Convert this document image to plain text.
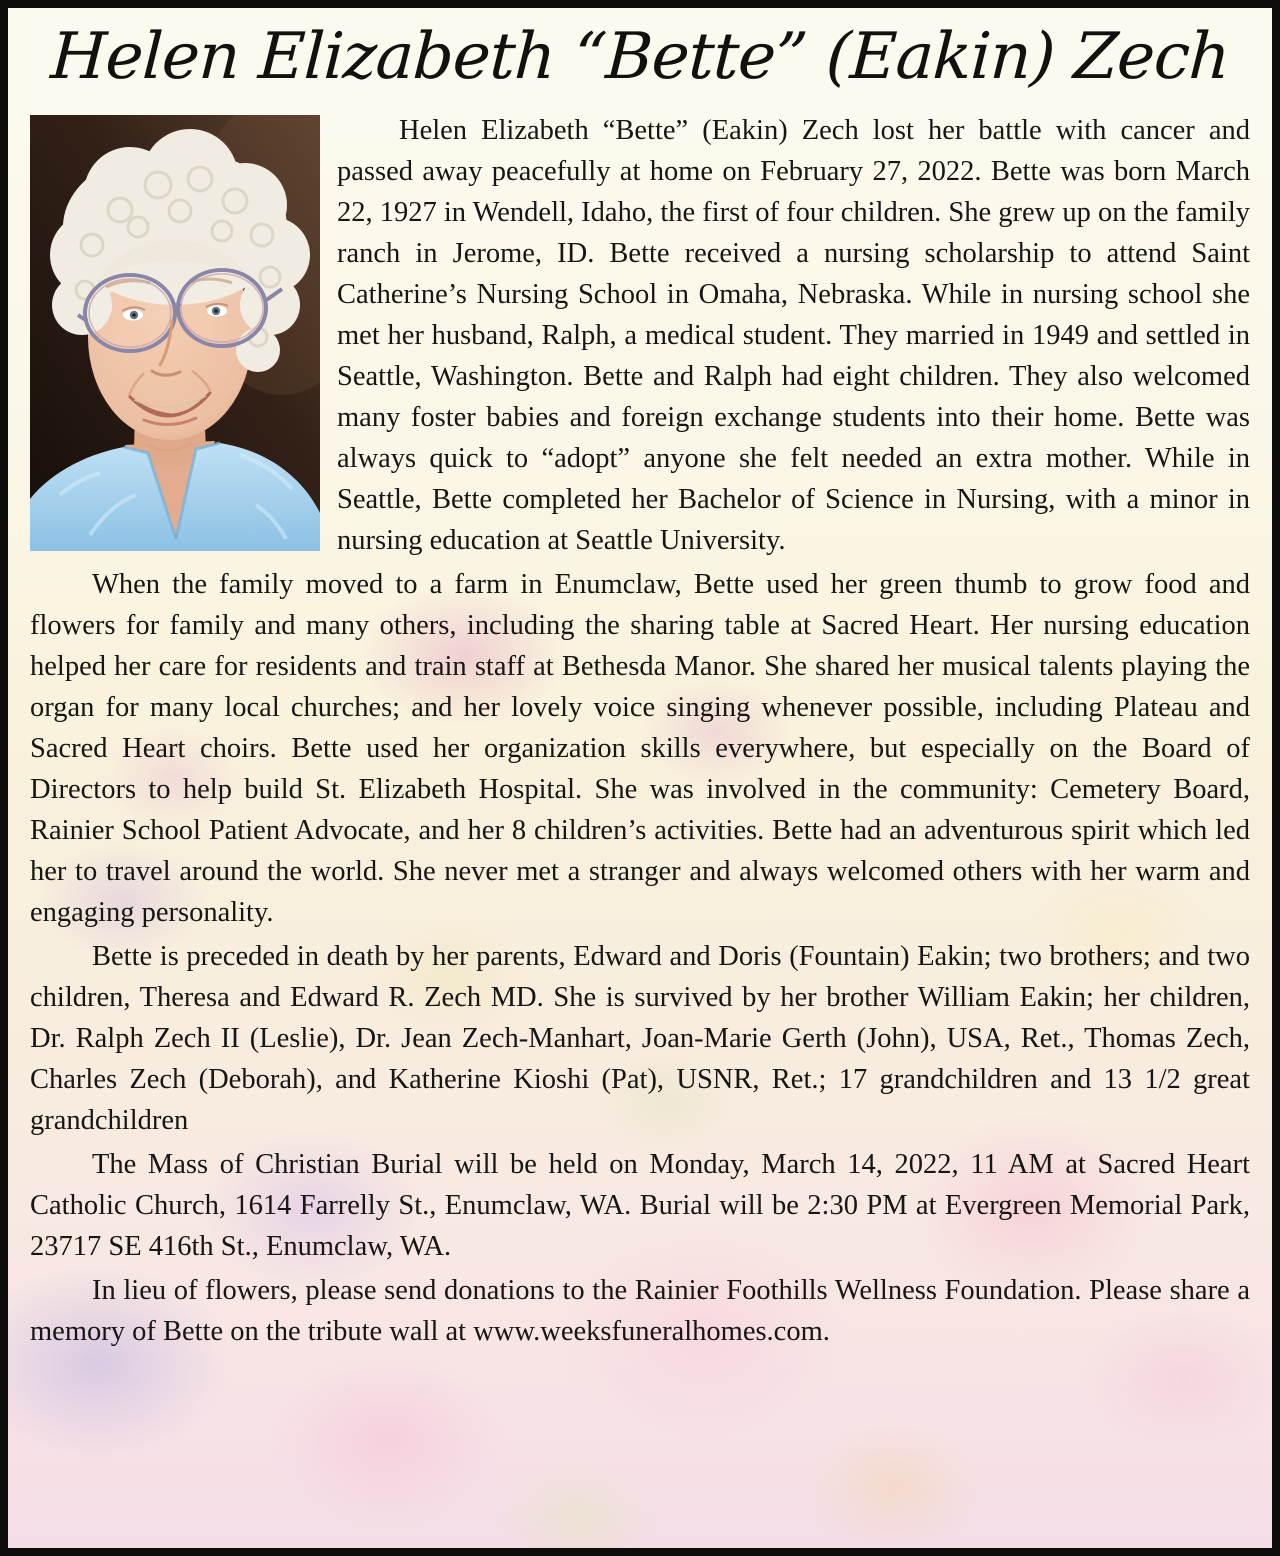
Helen Elizabeth “Bette” (Eakin) Zech

Helen Elizabeth “Bette” (Eakin) Zech lost her battle with cancer and passed away peacefully at home on February 27, 2022. Bette was born March 22, 1927 in Wendell, Idaho, the first of four children. She grew up on the family ranch in Jerome, ID. Bette received a nursing scholarship to attend Saint Catherine’s Nursing School in Omaha, Nebraska. While in nursing school she met her husband, Ralph, a medical student. They married in 1949 and settled in Seattle, Washington. Bette and Ralph had eight children. They also welcomed many foster babies and foreign exchange students into their home. Bette was always quick to “adopt” anyone she felt needed an extra mother. While in Seattle, Bette completed her Bachelor of Science in Nursing, with a minor in nursing education at Seattle University.

When the family moved to a farm in Enumclaw, Bette used her green thumb to grow food and flowers for family and many others, including the sharing table at Sacred Heart. Her nursing education helped her care for residents and train staff at Bethesda Manor. She shared her musical talents playing the organ for many local churches; and her lovely voice singing whenever possible, including Plateau and Sacred Heart choirs. Bette used her organization skills everywhere, but especially on the Board of Directors to help build St. Elizabeth Hospital. She was involved in the community: Cemetery Board, Rainier School Patient Advocate, and her 8 children’s activities. Bette had an adventurous spirit which led her to travel around the world. She never met a stranger and always welcomed others with her warm and engaging personality.

Bette is preceded in death by her parents, Edward and Doris (Fountain) Eakin; two brothers; and two children, Theresa and Edward R. Zech MD. She is survived by her brother William Eakin; her children, Dr. Ralph Zech II (Leslie), Dr. Jean Zech-Manhart, Joan-Marie Gerth (John), USA, Ret., Thomas Zech, Charles Zech (Deborah), and Katherine Kioshi (Pat), USNR, Ret.; 17 grandchildren and 13 1/2 great grandchildren

The Mass of Christian Burial will be held on Monday, March 14, 2022, 11 AM at Sacred Heart Catholic Church, 1614 Farrelly St., Enumclaw, WA. Burial will be 2:30 PM at Evergreen Memorial Park, 23717 SE 416th St., Enumclaw, WA.

In lieu of flowers, please send donations to the Rainier Foothills Wellness Foundation. Please share a memory of Bette on the tribute wall at www.weeksfuneralhomes.com.
